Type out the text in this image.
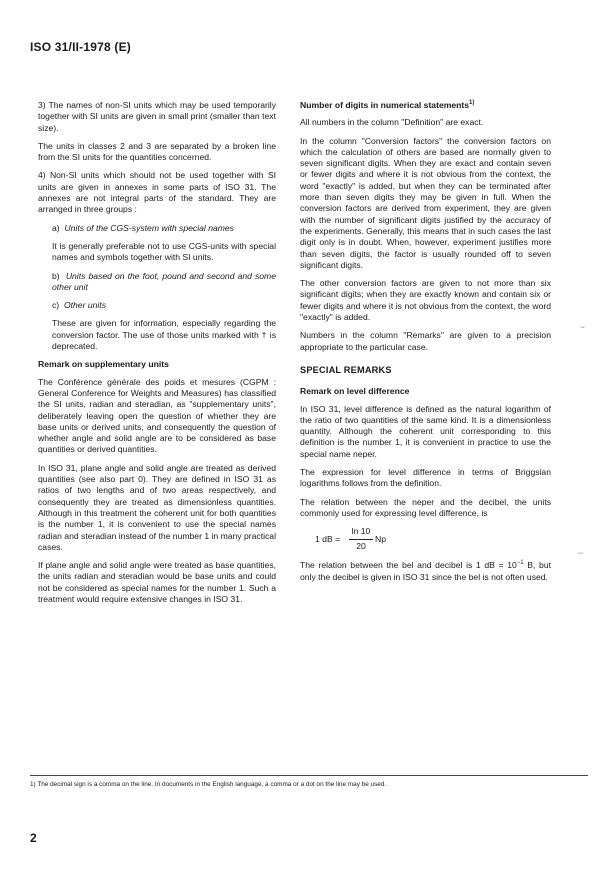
ISO 31/II-1978 (E)

3) The names of non-SI units which may be used temporarily together with SI units are given in small print (smaller than text size).

The units in classes 2 and 3 are separated by a broken line from the SI units for the quantities concerned.

4) Non-SI units which should not be used together with SI units are given in annexes in some parts of ISO 31. The annexes are not integral parts of the standard. They are arranged in three groups :

a) Units of the CGS-system with special names

It is generally preferable not to use CGS-units with special names and symbols together with SI units.

b) Units based on the foot, pound and second and some other unit

c) Other units

These are given for information, especially regarding the conversion factor. The use of those units marked with † is deprecated.

Remark on supplementary units

The Conférence générale des poids et mesures (CGPM : General Conference for Weights and Measures) has classified the SI units, radian and steradian, as "supplementary units", deliberately leaving open the question of whether they are base units or derived units, and consequently the question of whether angle and solid angle are to be considered as base quantities or derived quantities.

In ISO 31, plane angle and solid angle are treated as derived quantities (see also part 0). They are defined in ISO 31 as ratios of two lengths and of two areas respectively, and consequently they are treated as dimensionless quantities. Although in this treatment the coherent unit for both quantities is the number 1, it is convenient to use the special names radian and steradian instead of the number 1 in many practical cases.

If plane angle and solid angle were treated as base quantities, the units radian and steradian would be base units and could not be considered as special names for the number 1. Such a treatment would require extensive changes in ISO 31.

Number of digits in numerical statements$^{1)}$

All numbers in the column "Definition" are exact.

In the column "Conversion factors" the conversion factors on which the calculation of others are based are normally given to seven significant digits. When they are exact and contain seven or fewer digits and where it is not obvious from the context, the word "exactly" is added, but when they can be terminated after more than seven digits they may be given in full. When the conversion factors are derived from experiment, they are given with the number of significant digits justified by the accuracy of the experiments. Generally, this means that in such cases the last digit only is in doubt. When, however, experiment justifies more than seven digits, the factor is usually rounded off to seven significant digits.

The other conversion factors are given to not more than six significant digits; when they are exactly known and contain six or fewer digits and where it is not obvious from the context, the word "exactly" is added.

Numbers in the column "Remarks" are given to a precision appropriate to the particular case.

SPECIAL REMARKS
Remark on level difference

In ISO 31, level difference is defined as the natural logarithm of the ratio of two quantities of the same kind. It is a dimensionless quantity. Although the coherent unit corresponding to this definition is the number 1, it is convenient in practice to use the special name neper.

The expression for level difference in terms of Briggsian logarithms follows from the definition.

The relation between the neper and the decibel, the units commonly used for expressing level difference, is

1 dB = $\frac{\ln 10}{20}$ Np

The relation between the bel and decibel is 1 dB = $10^{-1}$ B, but only the decibel is given in ISO 31 since the bel is not often used.

⌣
⌣
1) The decimal sign is a comma on the line. In documents in the English language, a comma or a dot on the line may be used.
2
